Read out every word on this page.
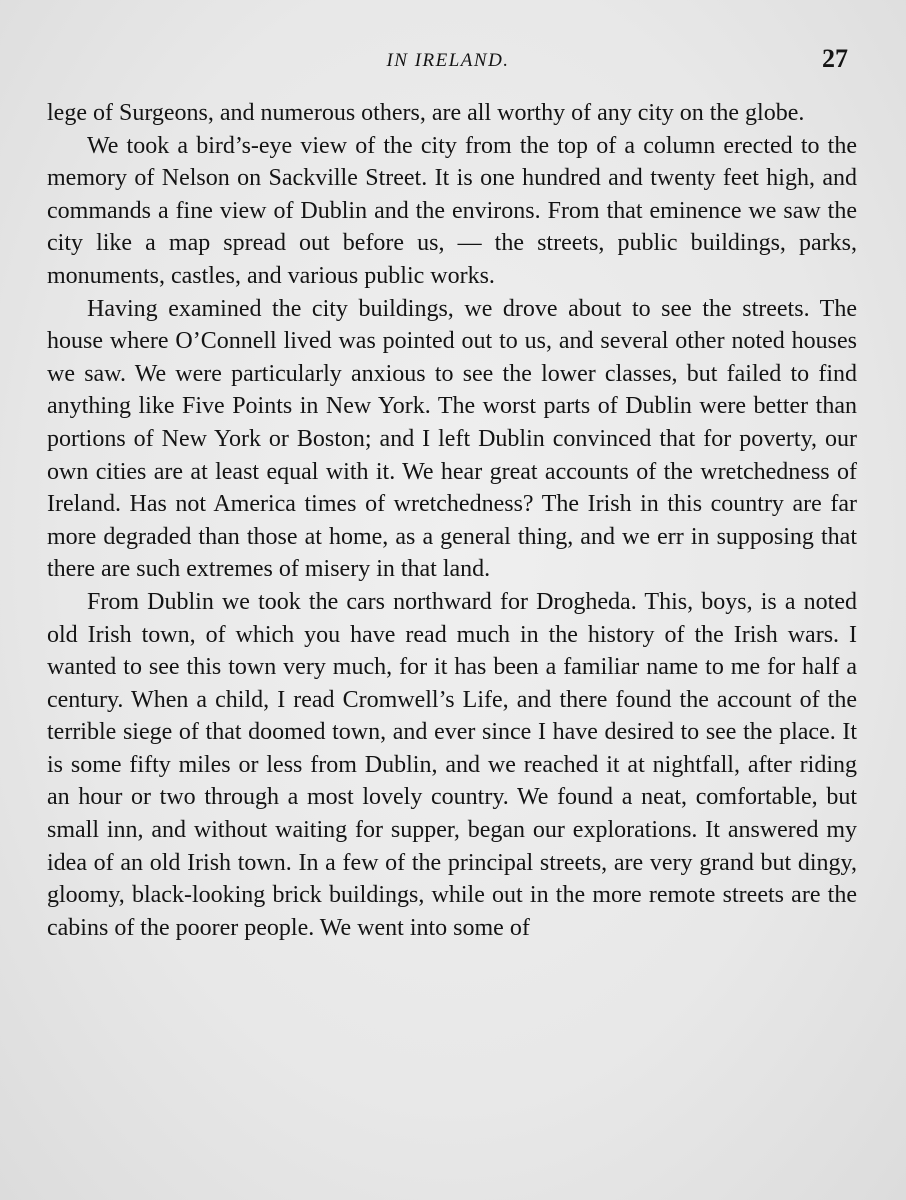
IN IRELAND.	27

lege of Surgeons, and numerous others, are all worthy of any city on the globe.

We took a bird’s-eye view of the city from the top of a column erected to the memory of Nelson on Sackville Street. It is one hundred and twenty feet high, and commands a fine view of Dublin and the environs. From that eminence we saw the city like a map spread out before us, — the streets, public buildings, parks, monuments, castles, and various public works.

Having examined the city buildings, we drove about to see the streets. The house where O’Connell lived was pointed out to us, and several other noted houses we saw. We were particularly anxious to see the lower classes, but failed to find anything like Five Points in New York. The worst parts of Dublin were better than portions of New York or Boston; and I left Dublin convinced that for poverty, our own cities are at least equal with it. We hear great accounts of the wretchedness of Ireland. Has not America times of wretchedness? The Irish in this country are far more degraded than those at home, as a general thing, and we err in supposing that there are such extremes of misery in that land.

From Dublin we took the cars northward for Drogheda. This, boys, is a noted old Irish town, of which you have read much in the history of the Irish wars. I wanted to see this town very much, for it has been a familiar name to me for half a century. When a child, I read Cromwell’s Life, and there found the account of the terrible siege of that doomed town, and ever since I have desired to see the place. It is some fifty miles or less from Dublin, and we reached it at nightfall, after riding an hour or two through a most lovely country. We found a neat, comfortable, but small inn, and without waiting for supper, began our explorations. It answered my idea of an old Irish town. In a few of the principal streets, are very grand but dingy, gloomy, black-looking brick buildings, while out in the more remote streets are the cabins of the poorer people. We went into some of
